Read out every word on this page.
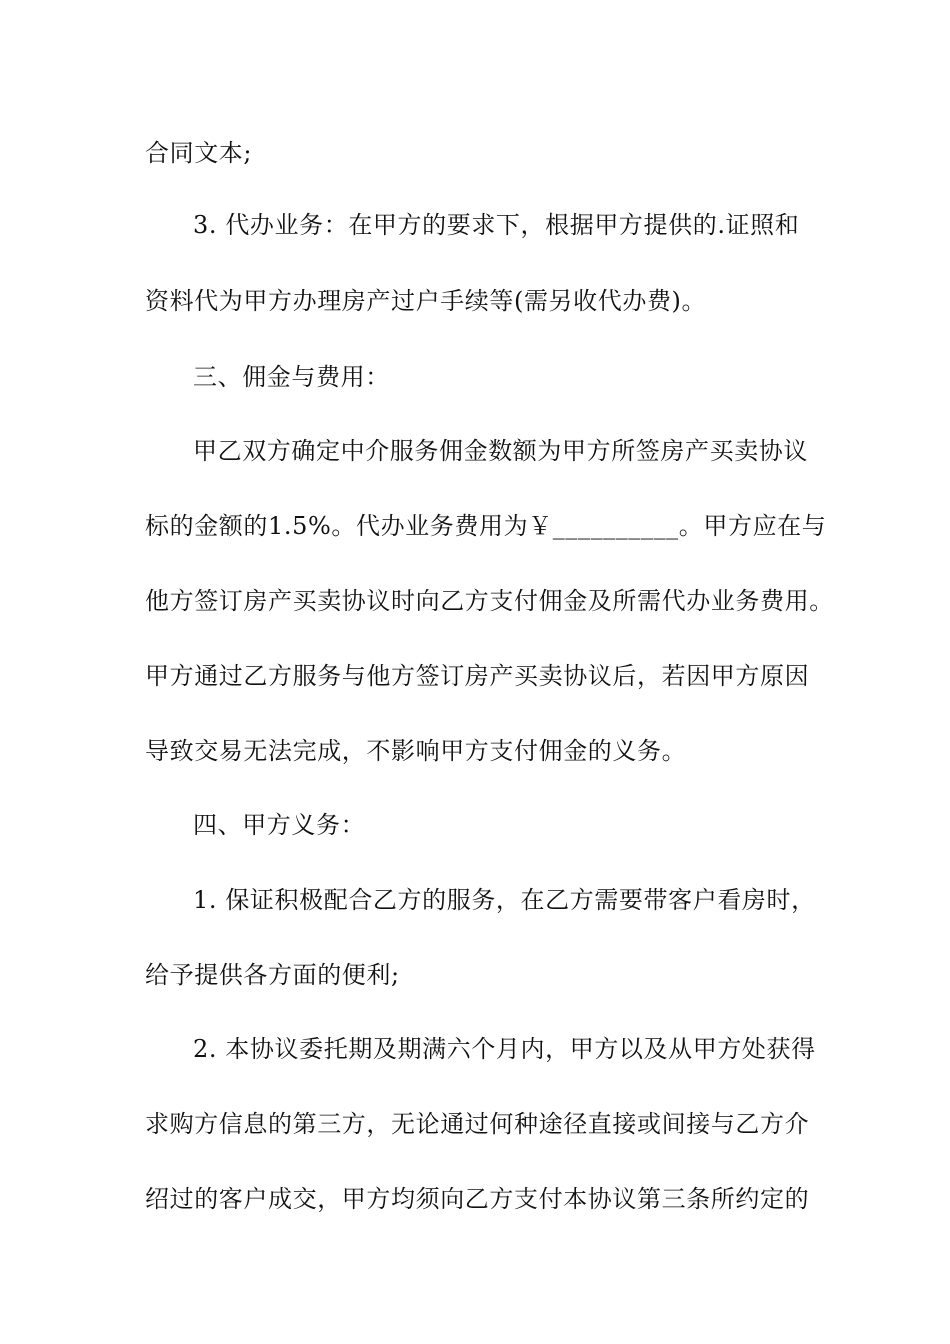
合同文本;
3. 代办业务：在甲方的要求下，根据甲方提供的.证照和
资料代为甲方办理房产过户手续等(需另收代办费)。
三、佣金与费用：
甲乙双方确定中介服务佣金数额为甲方所签房产买卖协议
标的金额的1.5%。代办业务费用为￥__________。甲方应在与
他方签订房产买卖协议时向乙方支付佣金及所需代办业务费用。
甲方通过乙方服务与他方签订房产买卖协议后，若因甲方原因
导致交易无法完成，不影响甲方支付佣金的义务。
四、甲方义务：
1. 保证积极配合乙方的服务，在乙方需要带客户看房时，
给予提供各方面的便利;
2. 本协议委托期及期满六个月内，甲方以及从甲方处获得
求购方信息的第三方，无论通过何种途径直接或间接与乙方介
绍过的客户成交，甲方均须向乙方支付本协议第三条所约定的
